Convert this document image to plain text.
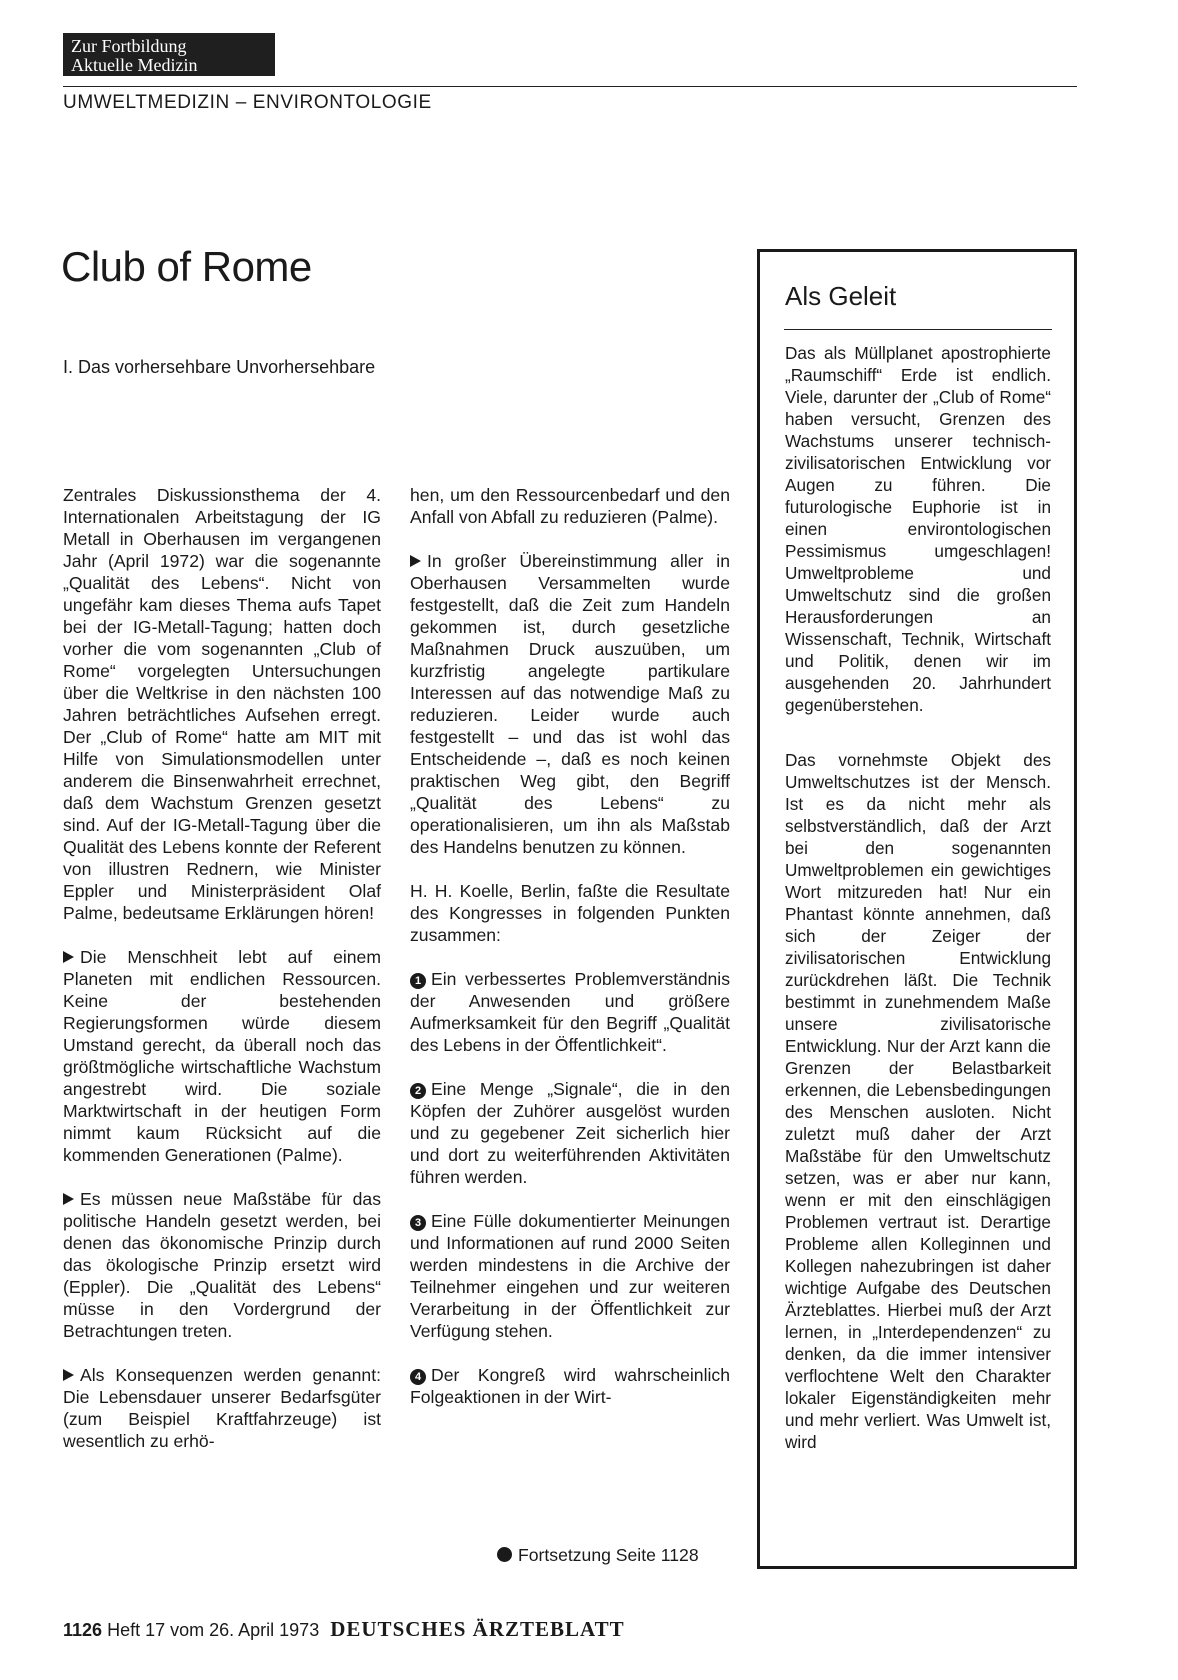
Zur Fortbildung
Aktuelle Medizin
UMWELTMEDIZIN – ENVIRONTOLOGIE
Club of Rome
I. Das vorhersehbare Unvorhersehbare

Zentrales Diskussionsthema der 4. Internationalen Arbeitstagung der IG Metall in Oberhausen im vergangenen Jahr (April 1972) war die sogenannte „Qualität des Lebens“. Nicht von ungefähr kam dieses Thema aufs Tapet bei der IG-Metall-Tagung; hatten doch vorher die vom sogenannten „Club of Rome“ vorgelegten Untersuchungen über die Weltkrise in den nächsten 100 Jahren beträchtliches Aufsehen erregt. Der „Club of Rome“ hatte am MIT mit Hilfe von Simulationsmodellen unter anderem die Binsenwahrheit errechnet, daß dem Wachstum Grenzen gesetzt sind. Auf der IG-Metall-Tagung über die Qualität des Lebens konnte der Referent von illustren Rednern, wie Minister Eppler und Ministerpräsident Olaf Palme, bedeutsame Erklärungen hören!

Die Menschheit lebt auf einem Planeten mit endlichen Ressourcen. Keine der bestehenden Regierungsformen würde diesem Umstand gerecht, da überall noch das größtmögliche wirtschaftliche Wachstum angestrebt wird. Die soziale Marktwirtschaft in der heutigen Form nimmt kaum Rücksicht auf die kommenden Generationen (Palme).

Es müssen neue Maßstäbe für das politische Handeln gesetzt werden, bei denen das ökonomische Prinzip durch das ökologische Prinzip ersetzt wird (Eppler). Die „Qualität des Lebens“ müsse in den Vordergrund der Betrachtungen treten.

Als Konsequenzen werden genannt: Die Lebensdauer unserer Bedarfsgüter (zum Beispiel Kraftfahrzeuge) ist wesentlich zu erhö-

hen, um den Ressourcenbedarf und den Anfall von Abfall zu reduzieren (Palme).

In großer Übereinstimmung aller in Oberhausen Versammelten wurde festgestellt, daß die Zeit zum Handeln gekommen ist, durch gesetzliche Maßnahmen Druck auszuüben, um kurzfristig angelegte partikulare Interessen auf das notwendige Maß zu reduzieren. Leider wurde auch festgestellt – und das ist wohl das Entscheidende –, daß es noch keinen praktischen Weg gibt, den Begriff „Qualität des Lebens“ zu operationalisieren, um ihn als Maßstab des Handelns benutzen zu können.

H. H. Koelle, Berlin, faßte die Resultate des Kongresses in folgenden Punkten zusammen:

1 Ein verbessertes Problemverständnis der Anwesenden und größere Aufmerksamkeit für den Begriff „Qualität des Lebens in der Öffentlichkeit“.

2 Eine Menge „Signale“, die in den Köpfen der Zuhörer ausgelöst wurden und zu gegebener Zeit sicherlich hier und dort zu weiterführenden Aktivitäten führen werden.

3 Eine Fülle dokumentierter Meinungen und Informationen auf rund 2000 Seiten werden mindestens in die Archive der Teilnehmer eingehen und zur weiteren Verarbeitung in der Öffentlichkeit zur Verfügung stehen.

4 Der Kongreß wird wahrscheinlich Folgeaktionen in der Wirt-

Fortsetzung Seite 1128
Als Geleit

Das als Müllplanet apostrophierte „Raumschiff“ Erde ist endlich. Viele, darunter der „Club of Rome“ haben versucht, Grenzen des Wachstums unserer technisch-zivilisatorischen Entwicklung vor Augen zu führen. Die futurologische Euphorie ist in einen environtologischen Pessimismus umgeschlagen! Umweltprobleme und Umweltschutz sind die großen Herausforderungen an Wissenschaft, Technik, Wirtschaft und Politik, denen wir im ausgehenden 20. Jahrhundert gegenüberstehen.

Das vornehmste Objekt des Umweltschutzes ist der Mensch. Ist es da nicht mehr als selbstverständlich, daß der Arzt bei den sogenannten Umweltproblemen ein gewichtiges Wort mitzureden hat! Nur ein Phantast könnte annehmen, daß sich der Zeiger der zivilisatorischen Entwicklung zurückdrehen läßt. Die Technik bestimmt in zunehmendem Maße unsere zivilisatorische Entwicklung. Nur der Arzt kann die Grenzen der Belastbarkeit erkennen, die Lebensbedingungen des Menschen ausloten. Nicht zuletzt muß daher der Arzt Maßstäbe für den Umweltschutz setzen, was er aber nur kann, wenn er mit den einschlägigen Problemen vertraut ist. Derartige Probleme allen Kolleginnen und Kollegen nahezubringen ist daher wichtige Aufgabe des Deutschen Ärzteblattes. Hierbei muß der Arzt lernen, in „Interdependenzen“ zu denken, da die immer intensiver verflochtene Welt den Charakter lokaler Eigenständigkeiten mehr und mehr verliert. Was Umwelt ist, wird

1126 Heft 17 vom 26. April 1973 DEUTSCHES ÄRZTEBLATT
